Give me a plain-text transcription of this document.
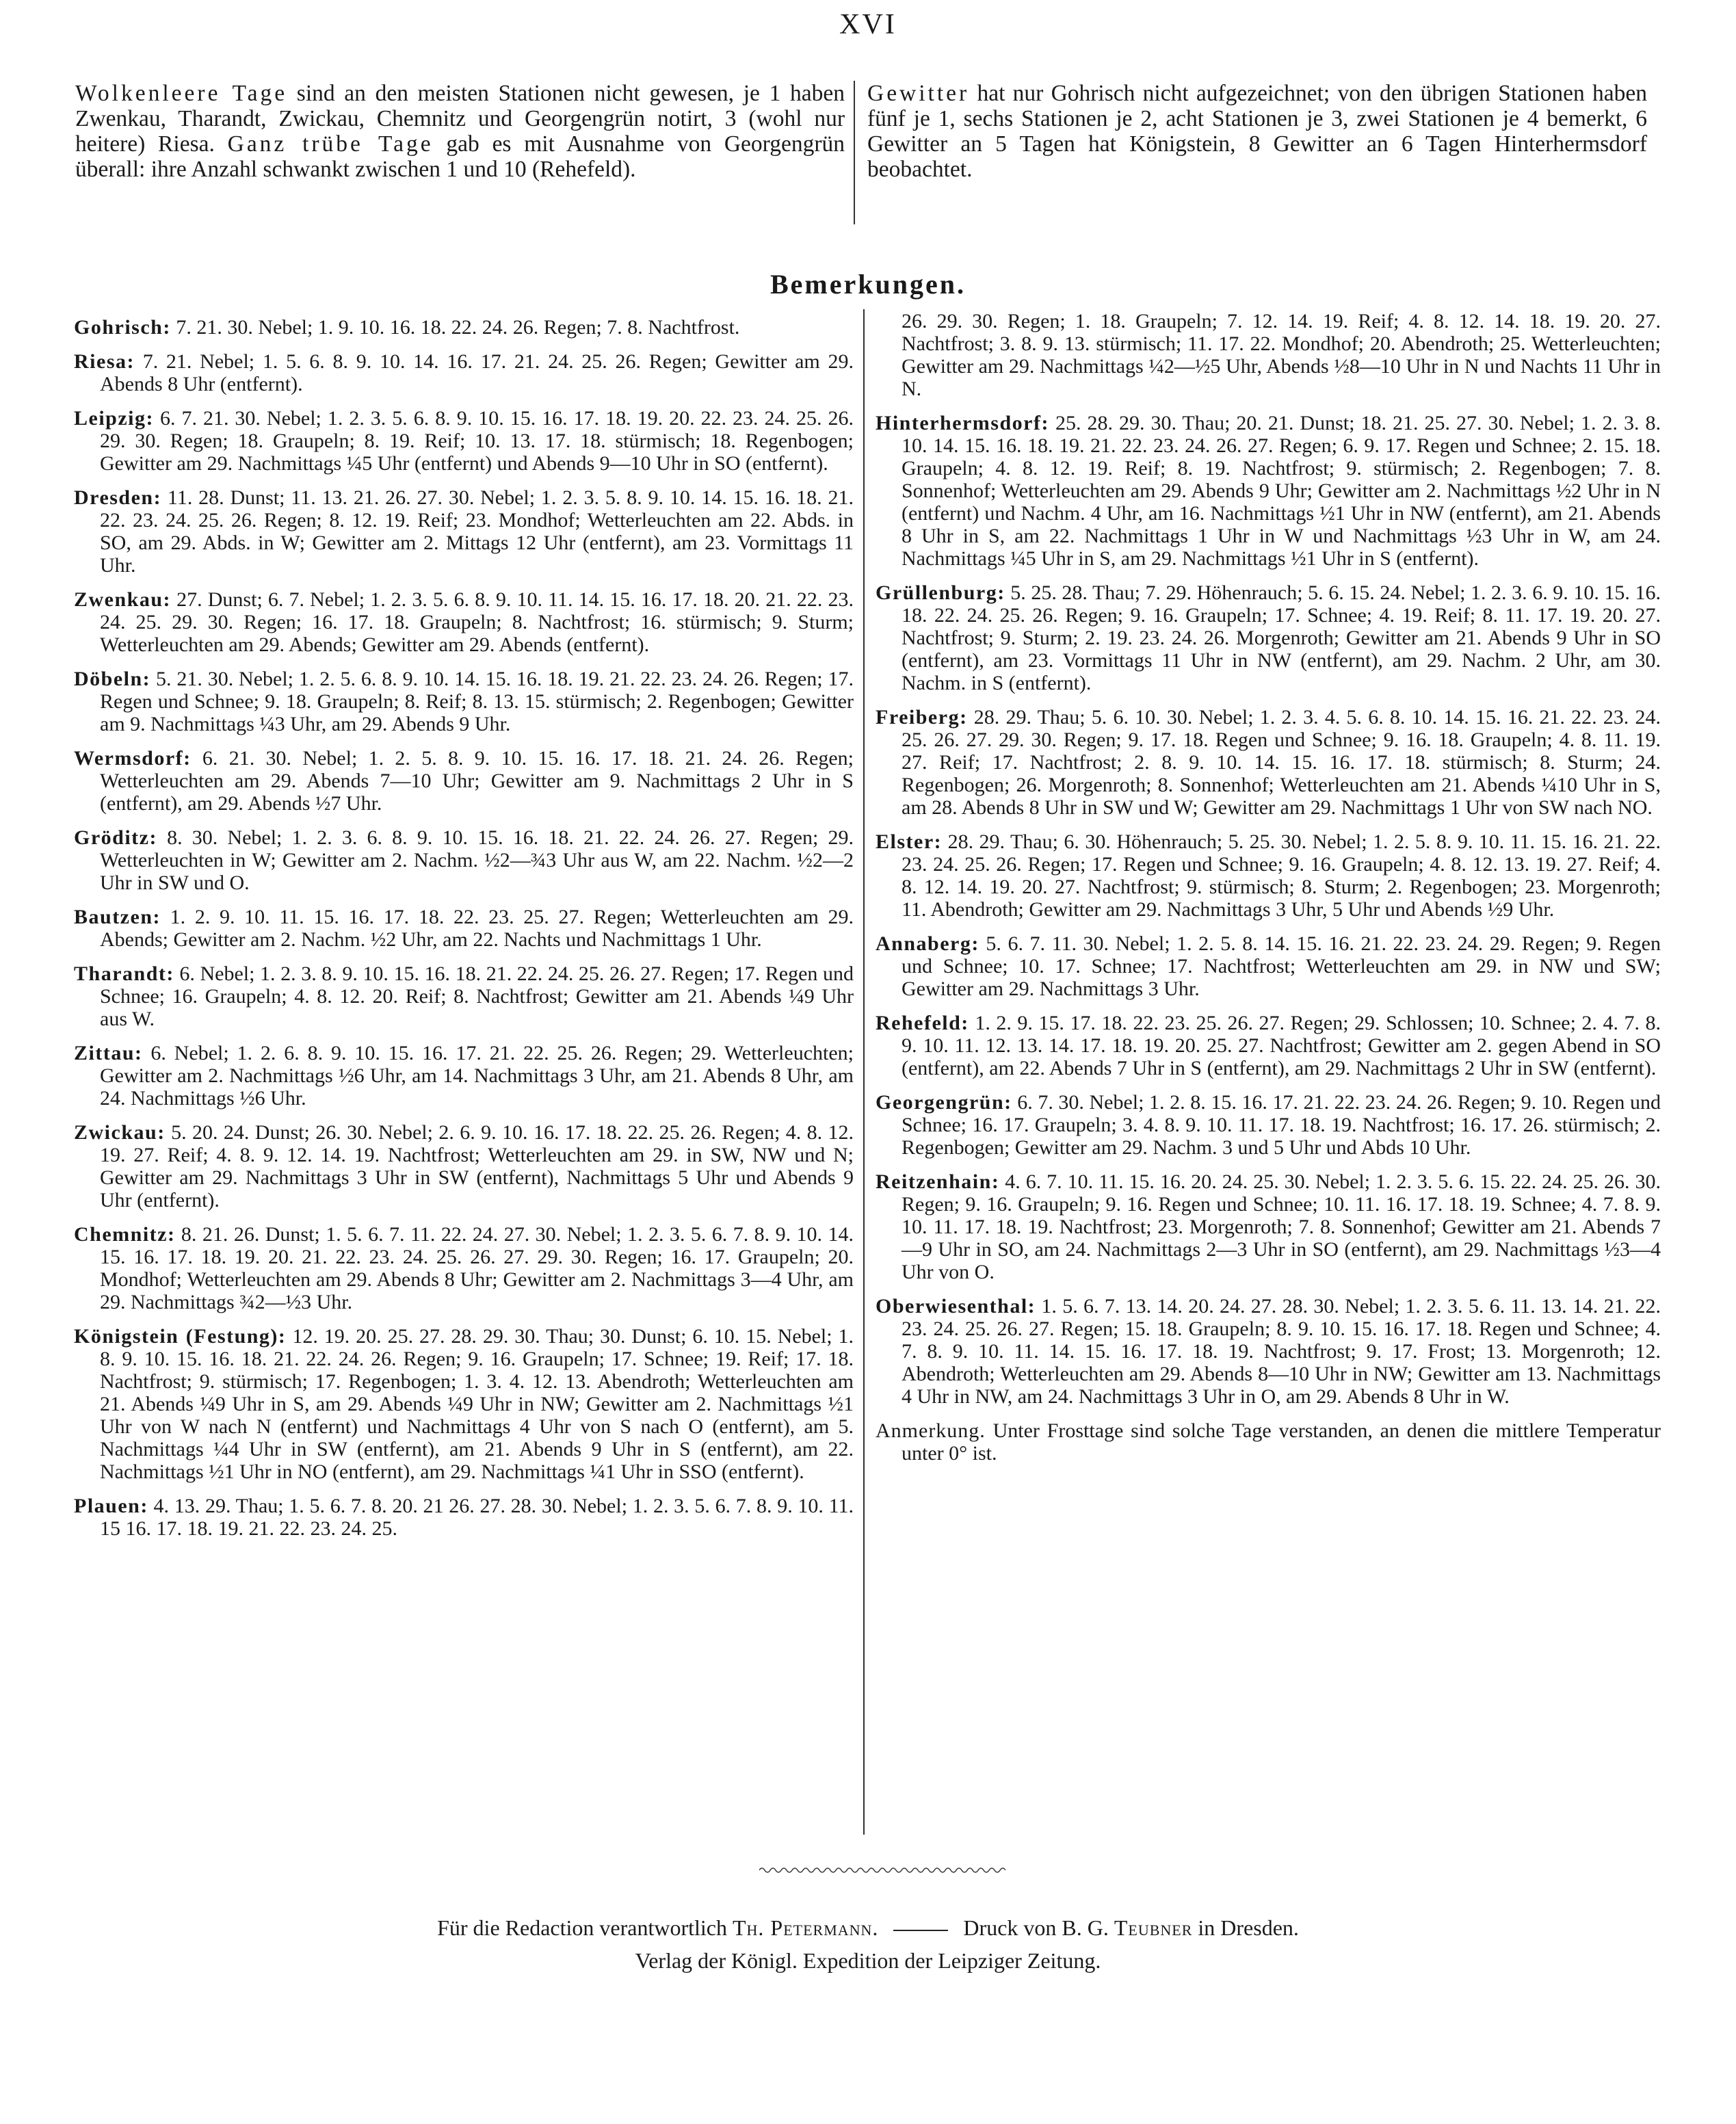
XVI
Wolkenleere Tage sind an den meisten Stationen nicht gewesen, je 1 haben Zwenkau, Tharandt, Zwickau, Chemnitz und Georgengrün notirt, 3 (wohl nur heitere) Riesa. Ganz trübe Tage gab es mit Ausnahme von Georgengrün überall: ihre Anzahl schwankt zwischen 1 und 10 (Rehefeld).
Gewitter hat nur Gohrisch nicht aufgezeichnet; von den übrigen Stationen haben fünf je 1, sechs Stationen je 2, acht Stationen je 3, zwei Stationen je 4 bemerkt, 6 Gewitter an 5 Tagen hat Königstein, 8 Gewitter an 6 Tagen Hinterhermsdorf beobachtet.
Bemerkungen.

Gohrisch: 7. 21. 30. Nebel; 1. 9. 10. 16. 18. 22. 24. 26. Regen; 7. 8. Nachtfrost.

Riesa: 7. 21. Nebel; 1. 5. 6. 8. 9. 10. 14. 16. 17. 21. 24. 25. 26. Regen; Gewitter am 29. Abends 8 Uhr (entfernt).

Leipzig: 6. 7. 21. 30. Nebel; 1. 2. 3. 5. 6. 8. 9. 10. 15. 16. 17. 18. 19. 20. 22. 23. 24. 25. 26. 29. 30. Regen; 18. Graupeln; 8. 19. Reif; 10. 13. 17. 18. stürmisch; 18. Regenbogen; Gewitter am 29. Nachmittags ¼5 Uhr (entfernt) und Abends 9—10 Uhr in SO (entfernt).

Dresden: 11. 28. Dunst; 11. 13. 21. 26. 27. 30. Nebel; 1. 2. 3. 5. 8. 9. 10. 14. 15. 16. 18. 21. 22. 23. 24. 25. 26. Regen; 8. 12. 19. Reif; 23. Mondhof; Wetterleuchten am 22. Abds. in SO, am 29. Abds. in W; Gewitter am 2. Mittags 12 Uhr (entfernt), am 23. Vormittags 11 Uhr.

Zwenkau: 27. Dunst; 6. 7. Nebel; 1. 2. 3. 5. 6. 8. 9. 10. 11. 14. 15. 16. 17. 18. 20. 21. 22. 23. 24. 25. 29. 30. Regen; 16. 17. 18. Graupeln; 8. Nachtfrost; 16. stürmisch; 9. Sturm; Wetterleuchten am 29. Abends; Gewitter am 29. Abends (entfernt).

Döbeln: 5. 21. 30. Nebel; 1. 2. 5. 6. 8. 9. 10. 14. 15. 16. 18. 19. 21. 22. 23. 24. 26. Regen; 17. Regen und Schnee; 9. 18. Graupeln; 8. Reif; 8. 13. 15. stürmisch; 2. Regenbogen; Gewitter am 9. Nachmittags ¼3 Uhr, am 29. Abends 9 Uhr.

Wermsdorf: 6. 21. 30. Nebel; 1. 2. 5. 8. 9. 10. 15. 16. 17. 18. 21. 24. 26. Regen; Wetterleuchten am 29. Abends 7—10 Uhr; Gewitter am 9. Nachmittags 2 Uhr in S (entfernt), am 29. Abends ½7 Uhr.

Gröditz: 8. 30. Nebel; 1. 2. 3. 6. 8. 9. 10. 15. 16. 18. 21. 22. 24. 26. 27. Regen; 29. Wetterleuchten in W; Gewitter am 2. Nachm. ½2—¾3 Uhr aus W, am 22. Nachm. ½2—2 Uhr in SW und O.

Bautzen: 1. 2. 9. 10. 11. 15. 16. 17. 18. 22. 23. 25. 27. Regen; Wetterleuchten am 29. Abends; Gewitter am 2. Nachm. ½2 Uhr, am 22. Nachts und Nachmittags 1 Uhr.

Tharandt: 6. Nebel; 1. 2. 3. 8. 9. 10. 15. 16. 18. 21. 22. 24. 25. 26. 27. Regen; 17. Regen und Schnee; 16. Graupeln; 4. 8. 12. 20. Reif; 8. Nachtfrost; Gewitter am 21. Abends ¼9 Uhr aus W.

Zittau: 6. Nebel; 1. 2. 6. 8. 9. 10. 15. 16. 17. 21. 22. 25. 26. Regen; 29. Wetterleuchten; Gewitter am 2. Nachmittags ½6 Uhr, am 14. Nachmittags 3 Uhr, am 21. Abends 8 Uhr, am 24. Nachmittags ½6 Uhr.

Zwickau: 5. 20. 24. Dunst; 26. 30. Nebel; 2. 6. 9. 10. 16. 17. 18. 22. 25. 26. Regen; 4. 8. 12. 19. 27. Reif; 4. 8. 9. 12. 14. 19. Nachtfrost; Wetterleuchten am 29. in SW, NW und N; Gewitter am 29. Nachmittags 3 Uhr in SW (entfernt), Nachmittags 5 Uhr und Abends 9 Uhr (entfernt).

Chemnitz: 8. 21. 26. Dunst; 1. 5. 6. 7. 11. 22. 24. 27. 30. Nebel; 1. 2. 3. 5. 6. 7. 8. 9. 10. 14. 15. 16. 17. 18. 19. 20. 21. 22. 23. 24. 25. 26. 27. 29. 30. Regen; 16. 17. Graupeln; 20. Mondhof; Wetterleuchten am 29. Abends 8 Uhr; Gewitter am 2. Nachmittags 3—4 Uhr, am 29. Nachmittags ¾2—½3 Uhr.

Königstein (Festung): 12. 19. 20. 25. 27. 28. 29. 30. Thau; 30. Dunst; 6. 10. 15. Nebel; 1. 8. 9. 10. 15. 16. 18. 21. 22. 24. 26. Regen; 9. 16. Graupeln; 17. Schnee; 19. Reif; 17. 18. Nachtfrost; 9. stürmisch; 17. Regenbogen; 1. 3. 4. 12. 13. Abendroth; Wetterleuchten am 21. Abends ¼9 Uhr in S, am 29. Abends ¼9 Uhr in NW; Gewitter am 2. Nachmittags ½1 Uhr von W nach N (entfernt) und Nachmittags 4 Uhr von S nach O (entfernt), am 5. Nachmittags ¼4 Uhr in SW (entfernt), am 21. Abends 9 Uhr in S (entfernt), am 22. Nachmittags ½1 Uhr in NO (entfernt), am 29. Nachmittags ¼1 Uhr in SSO (entfernt).

Plauen: 4. 13. 29. Thau; 1. 5. 6. 7. 8. 20. 21 26. 27. 28. 30. Nebel; 1. 2. 3. 5. 6. 7. 8. 9. 10. 11. 15 16. 17. 18. 19. 21. 22. 23. 24. 25.

26. 29. 30. Regen; 1. 18. Graupeln; 7. 12. 14. 19. Reif; 4. 8. 12. 14. 18. 19. 20. 27. Nachtfrost; 3. 8. 9. 13. stürmisch; 11. 17. 22. Mondhof; 20. Abendroth; 25. Wetterleuchten; Gewitter am 29. Nachmittags ¼2—½5 Uhr, Abends ½8—10 Uhr in N und Nachts 11 Uhr in N.

Hinterhermsdorf: 25. 28. 29. 30. Thau; 20. 21. Dunst; 18. 21. 25. 27. 30. Nebel; 1. 2. 3. 8. 10. 14. 15. 16. 18. 19. 21. 22. 23. 24. 26. 27. Regen; 6. 9. 17. Regen und Schnee; 2. 15. 18. Graupeln; 4. 8. 12. 19. Reif; 8. 19. Nachtfrost; 9. stürmisch; 2. Regenbogen; 7. 8. Sonnenhof; Wetterleuchten am 29. Abends 9 Uhr; Gewitter am 2. Nachmittags ½2 Uhr in N (entfernt) und Nachm. 4 Uhr, am 16. Nachmittags ½1 Uhr in NW (entfernt), am 21. Abends 8 Uhr in S, am 22. Nachmittags 1 Uhr in W und Nachmittags ½3 Uhr in W, am 24. Nachmittags ¼5 Uhr in S, am 29. Nachmittags ½1 Uhr in S (entfernt).

Grüllenburg: 5. 25. 28. Thau; 7. 29. Höhenrauch; 5. 6. 15. 24. Nebel; 1. 2. 3. 6. 9. 10. 15. 16. 18. 22. 24. 25. 26. Regen; 9. 16. Graupeln; 17. Schnee; 4. 19. Reif; 8. 11. 17. 19. 20. 27. Nachtfrost; 9. Sturm; 2. 19. 23. 24. 26. Morgenroth; Gewitter am 21. Abends 9 Uhr in SO (entfernt), am 23. Vormittags 11 Uhr in NW (entfernt), am 29. Nachm. 2 Uhr, am 30. Nachm. in S (entfernt).

Freiberg: 28. 29. Thau; 5. 6. 10. 30. Nebel; 1. 2. 3. 4. 5. 6. 8. 10. 14. 15. 16. 21. 22. 23. 24. 25. 26. 27. 29. 30. Regen; 9. 17. 18. Regen und Schnee; 9. 16. 18. Graupeln; 4. 8. 11. 19. 27. Reif; 17. Nachtfrost; 2. 8. 9. 10. 14. 15. 16. 17. 18. stürmisch; 8. Sturm; 24. Regenbogen; 26. Morgenroth; 8. Sonnenhof; Wetterleuchten am 21. Abends ¼10 Uhr in S, am 28. Abends 8 Uhr in SW und W; Gewitter am 29. Nachmittags 1 Uhr von SW nach NO.

Elster: 28. 29. Thau; 6. 30. Höhenrauch; 5. 25. 30. Nebel; 1. 2. 5. 8. 9. 10. 11. 15. 16. 21. 22. 23. 24. 25. 26. Regen; 17. Regen und Schnee; 9. 16. Graupeln; 4. 8. 12. 13. 19. 27. Reif; 4. 8. 12. 14. 19. 20. 27. Nachtfrost; 9. stürmisch; 8. Sturm; 2. Regenbogen; 23. Morgenroth; 11. Abendroth; Gewitter am 29. Nachmittags 3 Uhr, 5 Uhr und Abends ½9 Uhr.

Annaberg: 5. 6. 7. 11. 30. Nebel; 1. 2. 5. 8. 14. 15. 16. 21. 22. 23. 24. 29. Regen; 9. Regen und Schnee; 10. 17. Schnee; 17. Nachtfrost; Wetterleuchten am 29. in NW und SW; Gewitter am 29. Nachmittags 3 Uhr.

Rehefeld: 1. 2. 9. 15. 17. 18. 22. 23. 25. 26. 27. Regen; 29. Schlossen; 10. Schnee; 2. 4. 7. 8. 9. 10. 11. 12. 13. 14. 17. 18. 19. 20. 25. 27. Nachtfrost; Gewitter am 2. gegen Abend in SO (entfernt), am 22. Abends 7 Uhr in S (entfernt), am 29. Nachmittags 2 Uhr in SW (entfernt).

Georgengrün: 6. 7. 30. Nebel; 1. 2. 8. 15. 16. 17. 21. 22. 23. 24. 26. Regen; 9. 10. Regen und Schnee; 16. 17. Graupeln; 3. 4. 8. 9. 10. 11. 17. 18. 19. Nachtfrost; 16. 17. 26. stürmisch; 2. Regenbogen; Gewitter am 29. Nachm. 3 und 5 Uhr und Abds 10 Uhr.

Reitzenhain: 4. 6. 7. 10. 11. 15. 16. 20. 24. 25. 30. Nebel; 1. 2. 3. 5. 6. 15. 22. 24. 25. 26. 30. Regen; 9. 16. Graupeln; 9. 16. Regen und Schnee; 10. 11. 16. 17. 18. 19. Schnee; 4. 7. 8. 9. 10. 11. 17. 18. 19. Nachtfrost; 23. Morgenroth; 7. 8. Sonnenhof; Gewitter am 21. Abends 7—9 Uhr in SO, am 24. Nachmittags 2—3 Uhr in SO (entfernt), am 29. Nachmittags ½3—4 Uhr von O.

Oberwiesenthal: 1. 5. 6. 7. 13. 14. 20. 24. 27. 28. 30. Nebel; 1. 2. 3. 5. 6. 11. 13. 14. 21. 22. 23. 24. 25. 26. 27. Regen; 15. 18. Graupeln; 8. 9. 10. 15. 16. 17. 18. Regen und Schnee; 4. 7. 8. 9. 10. 11. 14. 15. 16. 17. 18. 19. Nachtfrost; 9. 17. Frost; 13. Morgenroth; 12. Abendroth; Wetterleuchten am 29. Abends 8—10 Uhr in NW; Gewitter am 13. Nachmittags 4 Uhr in NW, am 24. Nachmittags 3 Uhr in O, am 29. Abends 8 Uhr in W.

Anmerkung. Unter Frosttage sind solche Tage verstanden, an denen die mittlere Temperatur unter 0° ist.

Für die Redaction verantwortlich Th. Petermann.	Druck von B. G. Teubner in Dresden.
Verlag der Königl. Expedition der Leipziger Zeitung.
